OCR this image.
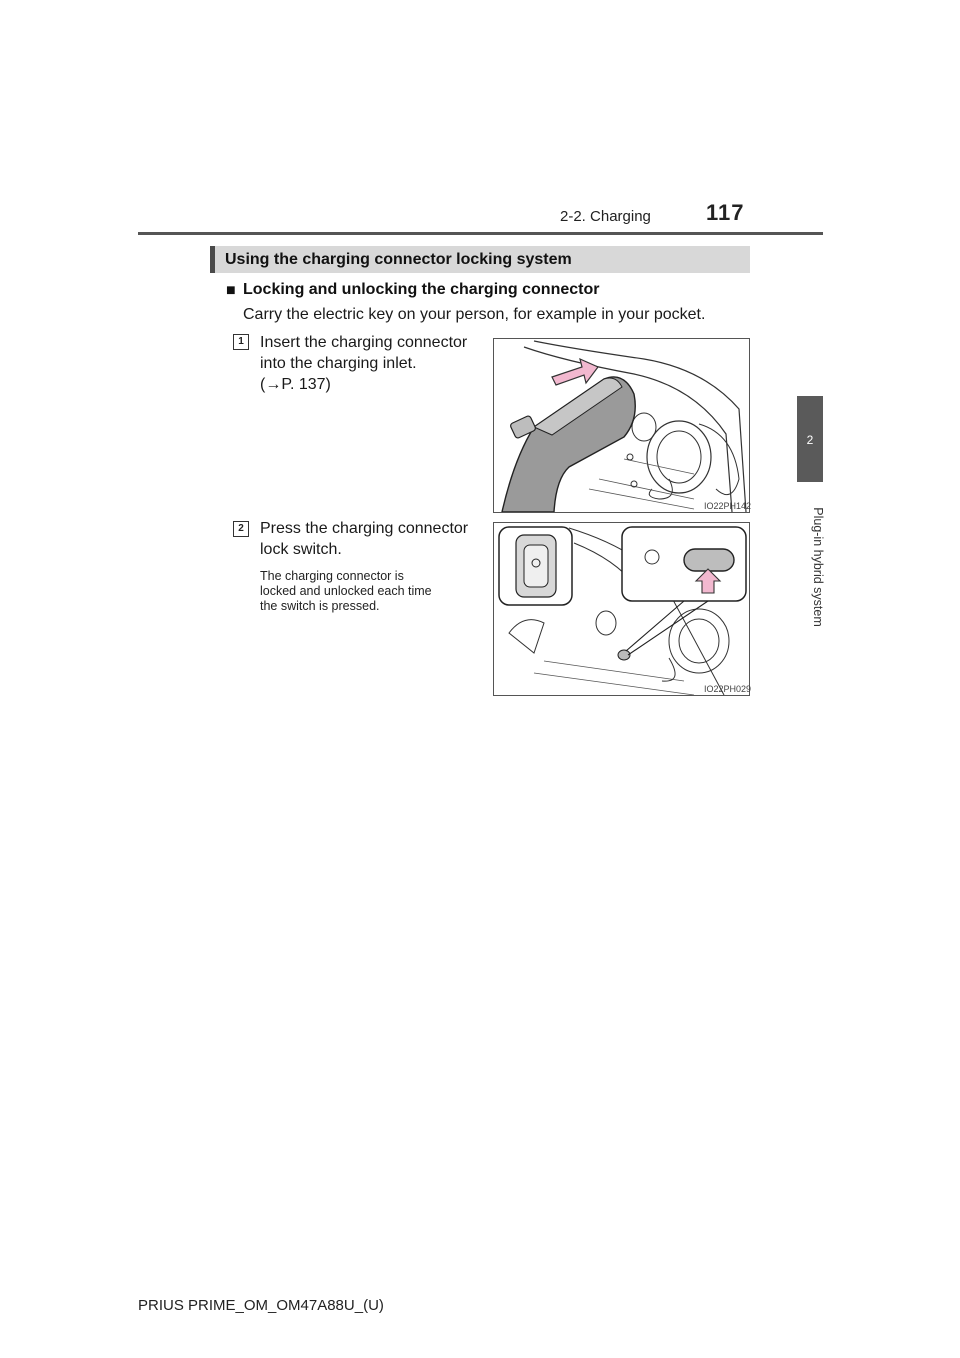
2-2. Charging	117
2
Plug-in hybrid system
Using the charging connector locking system
■ Locking and unlocking the charging connector
Carry the electric key on your person, for example in your pocket.
1	Insert the charging connector
into the charging inlet.
(→P. 137)
IO22PH142
2	Press the charging connector
lock switch.
The charging connector is
locked and unlocked each time
the switch is pressed.
IO22PH029
PRIUS PRIME_OM_OM47A88U_(U)
